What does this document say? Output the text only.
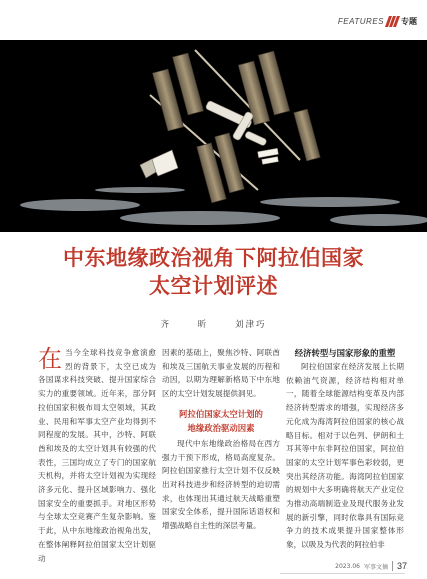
FEATURES 专题
中东地缘政治视角下阿拉伯国家
太空计划评述
齐 昕 刘津巧

在当今全球科技竞争愈演愈烈的背景下，太空已成为各国谋求科技突破、提升国家综合实力的重要领域。近年来，部分阿拉伯国家积极布局太空领域，其政业、民用和军事太空产业均得到不同程度的发展。其中，沙特、阿联酋和埃及的太空计划具有较强的代表性，三国均成立了专门的国家航天机构，并将太空计划视为实现经济多元化、提升区域影响力、强化国家安全的重要抓手。对地区形势与全球太空竞赛产生复杂影响。鉴于此，从中东地缘政治视角出发，在整体阐释阿拉伯国家太空计划驱动

因素的基础上，聚焦沙特、阿联酋和埃及三国航天事业发展的历程和动因，以期为理解新格局下中东地区的太空计划发展提供洞见。

阿拉伯国家太空计划的
地缘政治驱动因素

现代中东地缘政治格局在西方强力干预下形成，格局高度复杂。阿拉伯国家推行太空计划不仅反映出对科技进步和经济转型的迫切需求，也体现出其通过航天战略重塑国家安全体系，提升国际话语权和增强战略自主性的深层考量。

经济转型与国家形象的重塑

阿拉伯国家在经济发展上长期依赖油气资源，经济结构相对单一，随着全球能源结构变革及内部经济转型需求的增强，实现经济多元化成为海湾阿拉伯国家的核心战略目标。相对于以色列、伊朗和土耳其等中东非阿拉伯国家，阿拉伯国家的太空计划军事色彩较弱，更突出其经济功能。海湾阿拉伯国家的规划中大多明确将航天产业定位为推动高端制造业及现代服务业发展的新引擎，同时依靠具有国际竞争力的技术成果提升国家整体形象，以吸及为代表的阿拉伯非

2023.06 军事文摘 37
